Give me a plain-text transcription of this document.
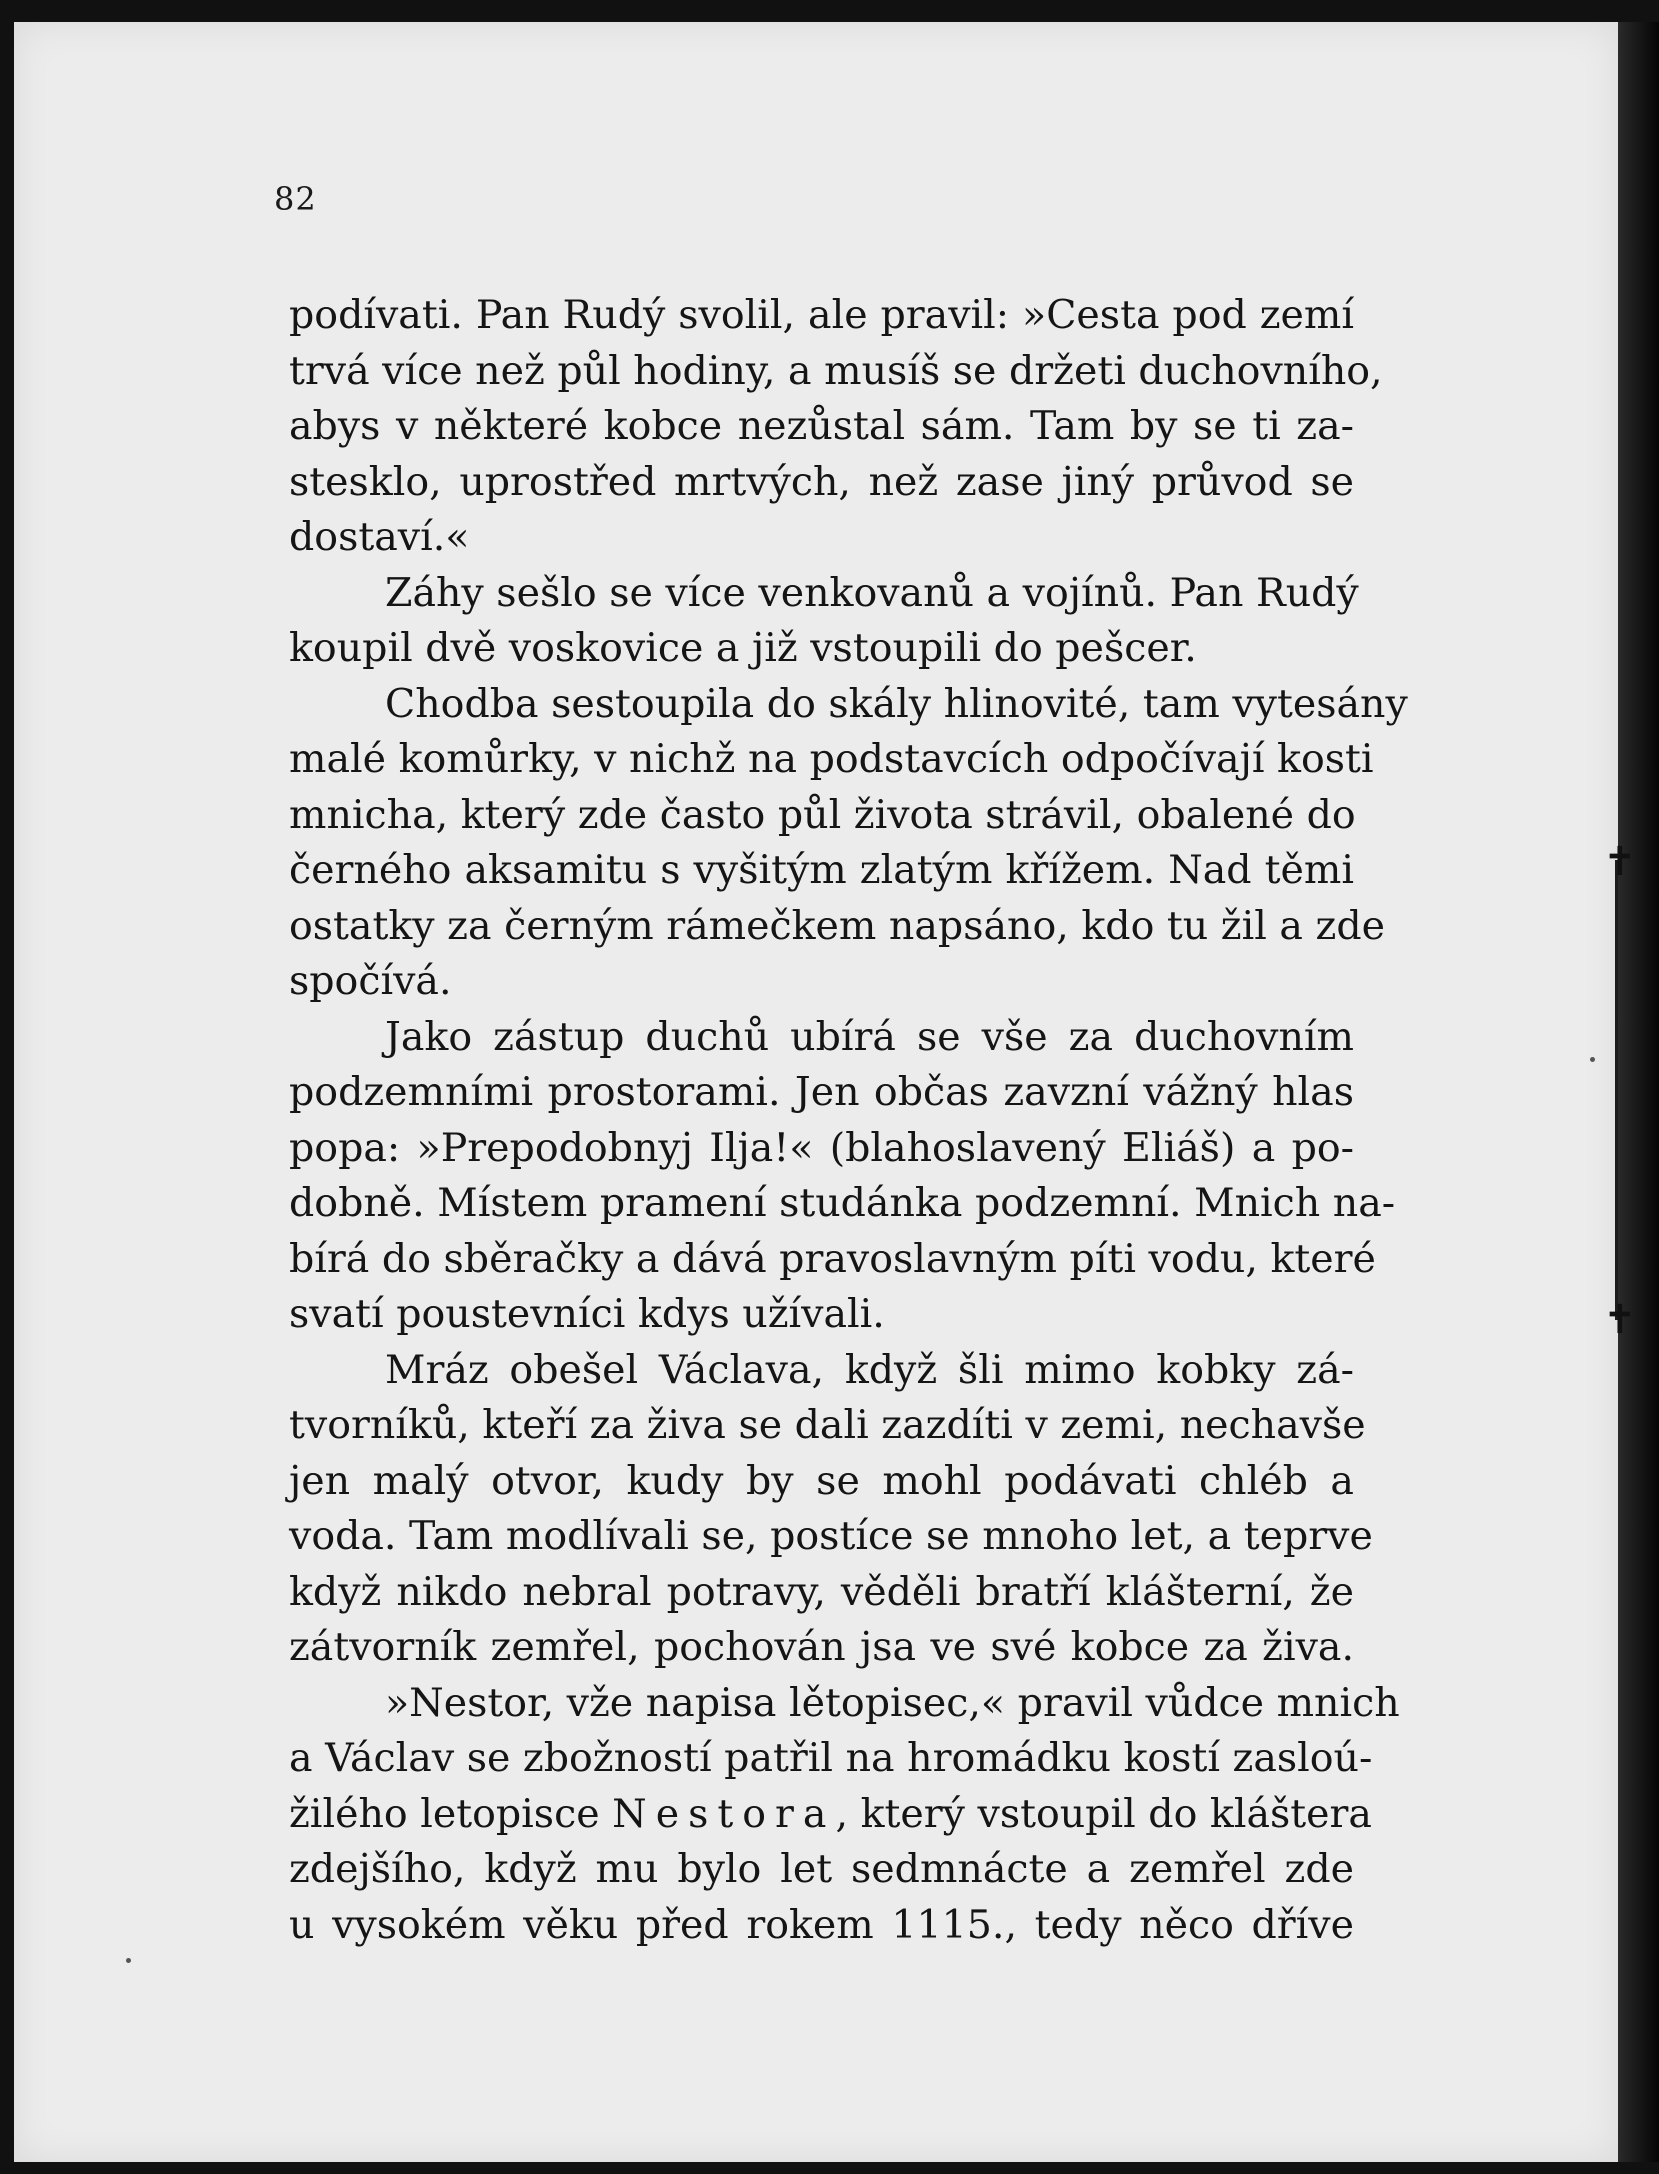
82
podívati. Pan Rudý svolil, ale pravil: »Cesta pod zemí
trvá více než půl hodiny, a musíš se držeti duchovního,
abys v některé kobce nezůstal sám. Tam by se ti za-
stesklo, uprostřed mrtvých, než zase jiný průvod se
dostaví.«
Záhy sešlo se více venkovanů a vojínů. Pan Rudý
koupil dvě voskovice a již vstoupili do pešcer.
Chodba sestoupila do skály hlinovité, tam vytesány
malé komůrky, v nichž na podstavcích odpočívají kosti
mnicha, který zde často půl života strávil, obalené do
černého aksamitu s vyšitým zlatým křížem. Nad těmi
ostatky za černým rámečkem napsáno, kdo tu žil a zde
spočívá.
Jako zástup duchů ubírá se vše za duchovním
podzemními prostorami. Jen občas zavzní vážný hlas
popa: »Prepodobnyj Ilja!« (blahoslavený Eliáš) a po-
dobně. Místem pramení studánka podzemní. Mnich na-
bírá do sběračky a dává pravoslavným píti vodu, které
svatí poustevníci kdys užívali.
Mráz obešel Václava, když šli mimo kobky zá-
tvorníků, kteří za živa se dali zazdíti v zemi, nechavše
jen malý otvor, kudy by se mohl podávati chléb a
voda. Tam modlívali se, postíce se mnoho let, a teprve
když nikdo nebral potravy, věděli bratří klášterní, že
zátvorník zemřel, pochován jsa ve své kobce za živa.
»Nestor, vže napisa lětopisec,« pravil vůdce mnich
a Václav se zbožností patřil na hromádku kostí zasloú-
žilého letopisce Nestora, který vstoupil do kláštera
zdejšího, když mu bylo let sedmnácte a zemřel zde
u vysokém věku před rokem 1115., tedy něco dříve
✝
✝
